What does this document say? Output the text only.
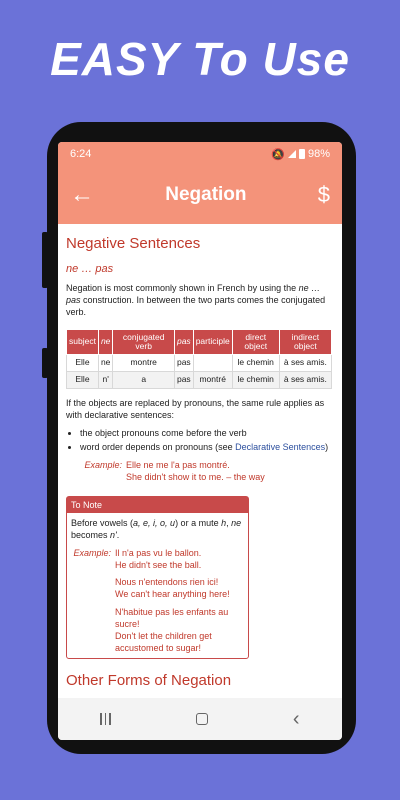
EASY To Use
6:24	🔕 98%
←	Negation	$
Negative Sentences
ne … pas

Negation is most commonly shown in French by using the ne … pas construction. In between the two parts comes the conjugated verb.

subject	ne	conjugated verb	pas	participle	direct object	indirect object
Elle	ne	montre	pas		le chemin	à ses amis.
Elle	n'	a	pas	montré	le chemin	à ses amis.

If the objects are replaced by pronouns, the same rule applies as with declarative sentences:

• the object pronouns come before the verb
• word order depends on pronouns (see Declarative Sentences)
Example: Elle ne me l'a pas montré.
She didn't show it to me. – the way
To Note

Before vowels (a, e, i, o, u) or a mute h, ne becomes n'.

Example: Il n'a pas vu le ballon.
He didn't see the ball.
Nous n'entendons rien ici!
We can't hear anything here!
N'habitue pas les enfants au sucre!
Don't let the children get accustomed to sugar!
Other Forms of Negation
‹
